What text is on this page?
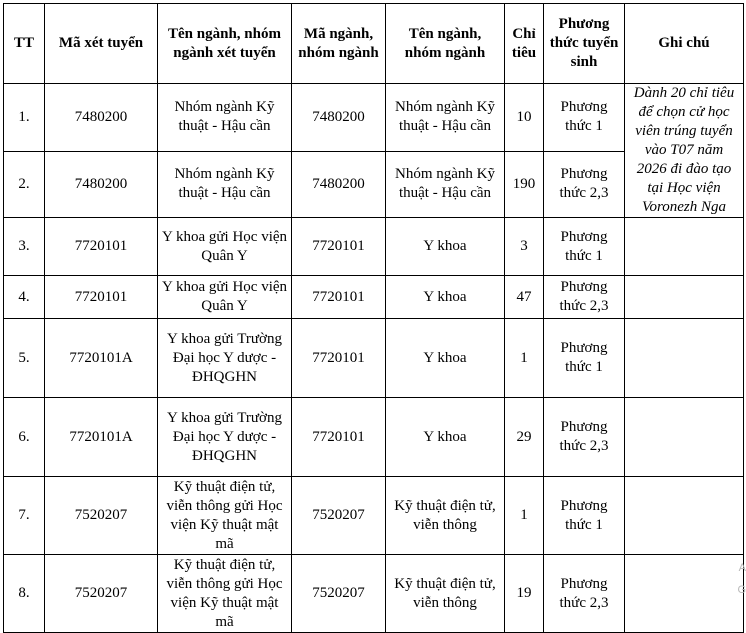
TT	Mã xét tuyển	Tên ngành, nhóm ngành xét tuyển	Mã ngành, nhóm ngành	Tên ngành, nhóm ngành	Chỉ tiêu	Phương thức tuyển sinh	Ghi chú
1.	7480200	Nhóm ngành Kỹ thuật - Hậu cần	7480200	Nhóm ngành Kỹ thuật - Hậu cần	10	Phương thức 1	Dành 20 chỉ tiêu để chọn cử học viên trúng tuyển vào T07 năm 2026 đi đào tạo tại Học viện Voronezh Nga
2.	7480200	Nhóm ngành Kỹ thuật - Hậu cần	7480200	Nhóm ngành Kỹ thuật - Hậu cần	190	Phương thức 2,3	
3.	7720101	Y khoa gửi Học viện Quân Y	7720101	Y khoa	3	Phương thức 1	
4.	7720101	Y khoa gửi Học viện Quân Y	7720101	Y khoa	47	Phương thức 2,3	
5.	7720101A	Y khoa gửi Trường Đại học Y dược - ĐHQGHN	7720101	Y khoa	1	Phương thức 1	
6.	7720101A	Y khoa gửi Trường Đại học Y dược - ĐHQGHN	7720101	Y khoa	29	Phương thức 2,3	
7.	7520207	Kỹ thuật điện tử, viễn thông gửi Học viện Kỹ thuật mật mã	7520207	Kỹ thuật điện tử, viễn thông	1	Phương thức 1	
8.	7520207	Kỹ thuật điện tử, viễn thông gửi Học viện Kỹ thuật mật mã	7520207	Kỹ thuật điện tử, viễn thông	19	Phương thức 2,3	
A
G
